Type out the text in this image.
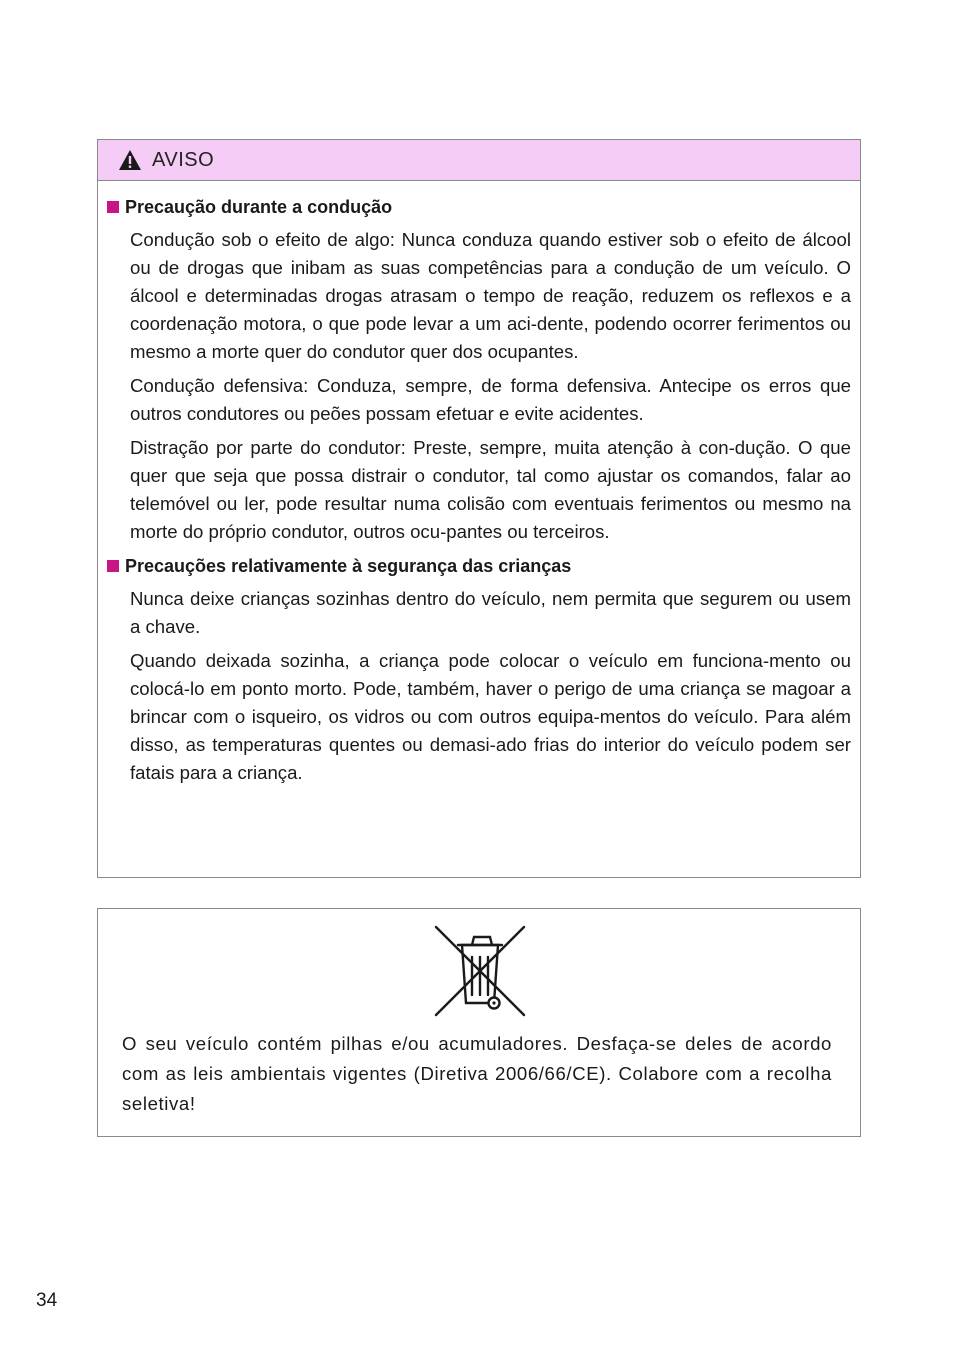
AVISO
Precaução durante a condução

Condução sob o efeito de algo: Nunca conduza quando estiver sob o efeito de álcool ou de drogas que inibam as suas competências para a condução de um veículo. O álcool e determinadas drogas atrasam o tempo de reação, reduzem os reflexos e a coordenação motora, o que pode levar a um aci-dente, podendo ocorrer ferimentos ou mesmo a morte quer do condutor quer dos ocupantes.

Condução defensiva: Conduza, sempre, de forma defensiva. Antecipe os erros que outros condutores ou peões possam efetuar e evite acidentes.

Distração por parte do condutor: Preste, sempre, muita atenção à con-dução. O que quer que seja que possa distrair o condutor, tal como ajustar os comandos, falar ao telemóvel ou ler, pode resultar numa colisão com eventuais ferimentos ou mesmo na morte do próprio condutor, outros ocu-pantes ou terceiros.

Precauções relativamente à segurança das crianças

Nunca deixe crianças sozinhas dentro do veículo, nem permita que segurem ou usem a chave.

Quando deixada sozinha, a criança pode colocar o veículo em funciona-mento ou colocá-lo em ponto morto. Pode, também, haver o perigo de uma criança se magoar a brincar com o isqueiro, os vidros ou com outros equipa-mentos do veículo. Para além disso, as temperaturas quentes ou demasi-ado frias do interior do veículo podem ser fatais para a criança.

O seu veículo contém pilhas e/ou acumuladores. Desfaça-se deles de acordo com as leis ambientais vigentes (Diretiva 2006/66/CE). Colabore com a recolha seletiva!

34
